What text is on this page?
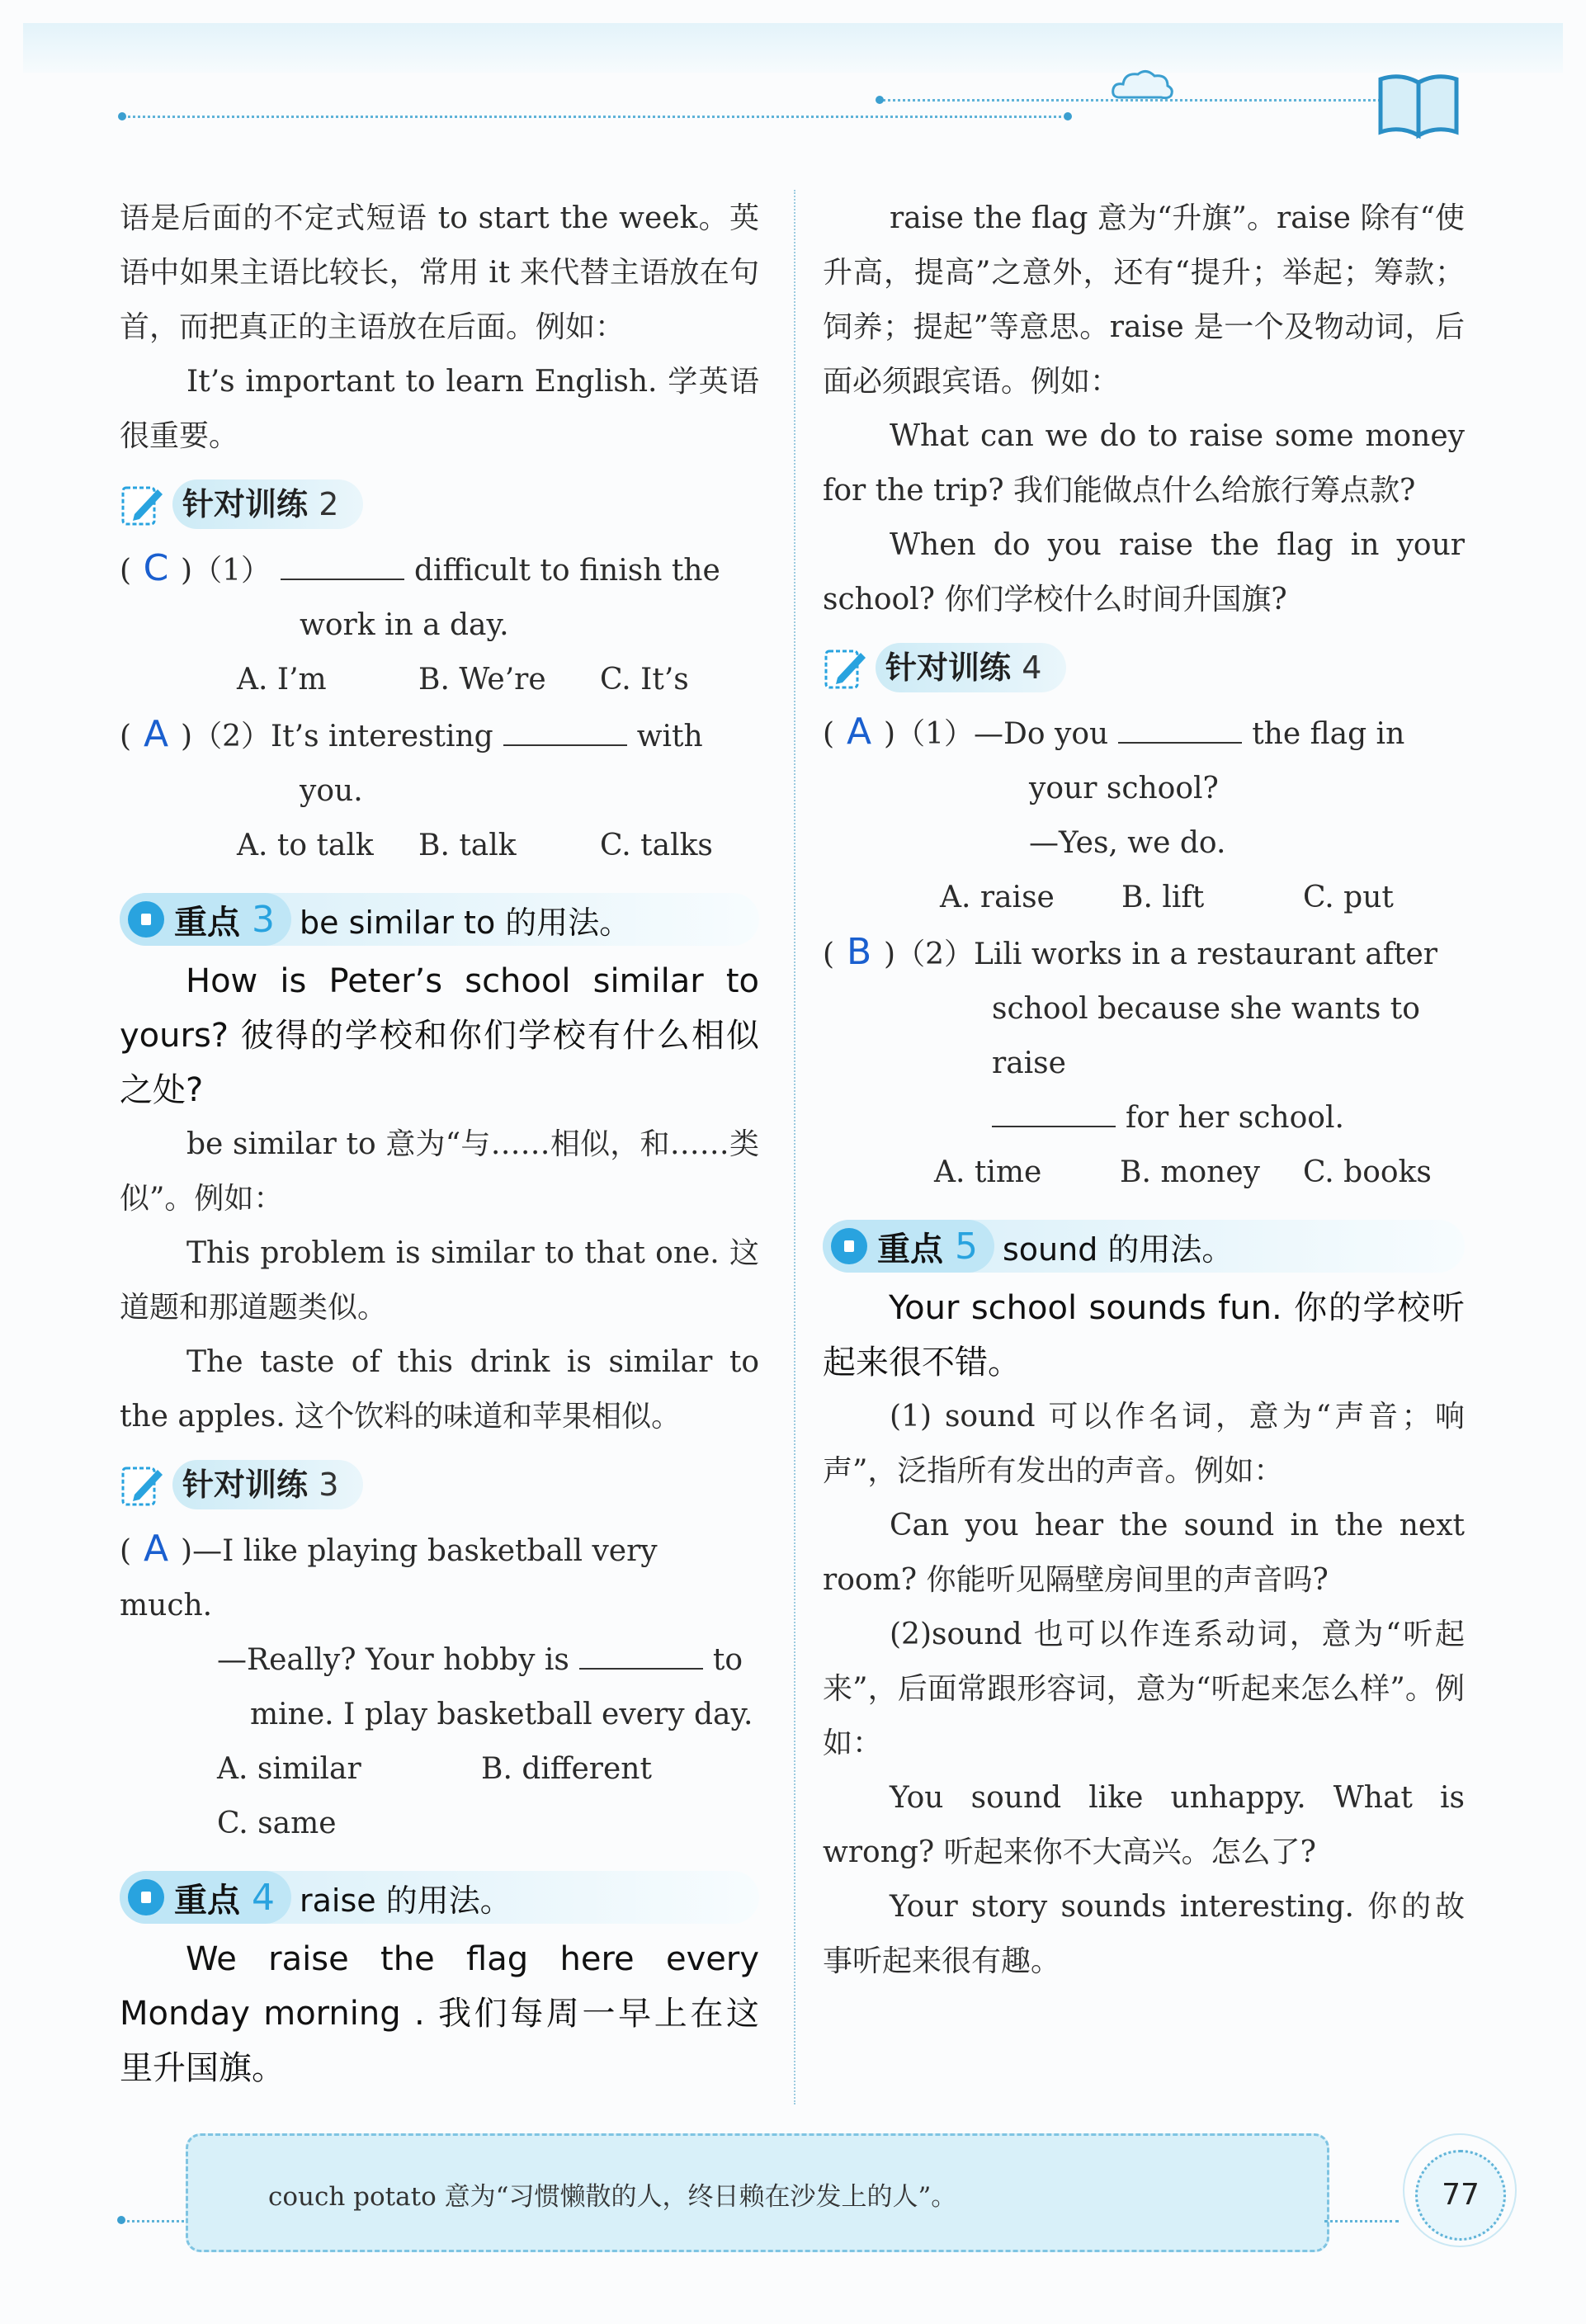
语是后面的不定式短语 to start the week。英语中如果主语比较长，常用 it 来代替主语放在句首，而把真正的主语放在后面。例如：

It’s important to learn English. 学英语很重要。

针对训练 2
( C )（1）	difficult to finish the
work in a day.
A. I’m	B. We’re	C. It’s
( A )（2）It’s interesting	with
you.
A. to talk	B. talk	C. talks
重点 3 be similar to 的用法。

How is Peter’s school similar to yours? 彼得的学校和你们学校有什么相似之处?

be similar to 意为“与……相似，和……类似”。例如：

This problem is similar to that one. 这道题和那道题类似。

The taste of this drink is similar to the apples. 这个饮料的味道和苹果相似。

针对训练 3
( A )—I like playing basketball very much.
—Really? Your hobby is	to
mine. I play basketball every day.
A. similar	B. different
C. same
重点 4 raise 的用法。

We raise the flag here every Monday morning . 我们每周一早上在这里升国旗。

raise the flag 意为“升旗”。raise 除有“使升高，提高”之意外，还有“提升；举起；筹款；饲养；提起”等意思。raise 是一个及物动词，后面必须跟宾语。例如：

What can we do to raise some money for the trip? 我们能做点什么给旅行筹点款?

When do you raise the flag in your school? 你们学校什么时间升国旗?

针对训练 4
( A )（1）—Do you	the flag in
your school?
—Yes, we do.
A. raise	B. lift	C. put
( B )（2）Lili works in a restaurant after
school because she wants to raise
for her school.
A. time	B. money	C. books
重点 5 sound 的用法。

Your school sounds fun. 你的学校听起来很不错。

(1) sound 可以作名词，意为“声音；响声”，泛指所有发出的声音。例如：

Can you hear the sound in the next room? 你能听见隔壁房间里的声音吗?

(2)sound 也可以作连系动词，意为“听起来”，后面常跟形容词，意为“听起来怎么样”。例如：

You sound like unhappy. What is wrong? 听起来你不大高兴。怎么了?

Your story sounds interesting. 你的故事听起来很有趣。

couch potato 意为“习惯懒散的人，终日赖在沙发上的人”。	77
